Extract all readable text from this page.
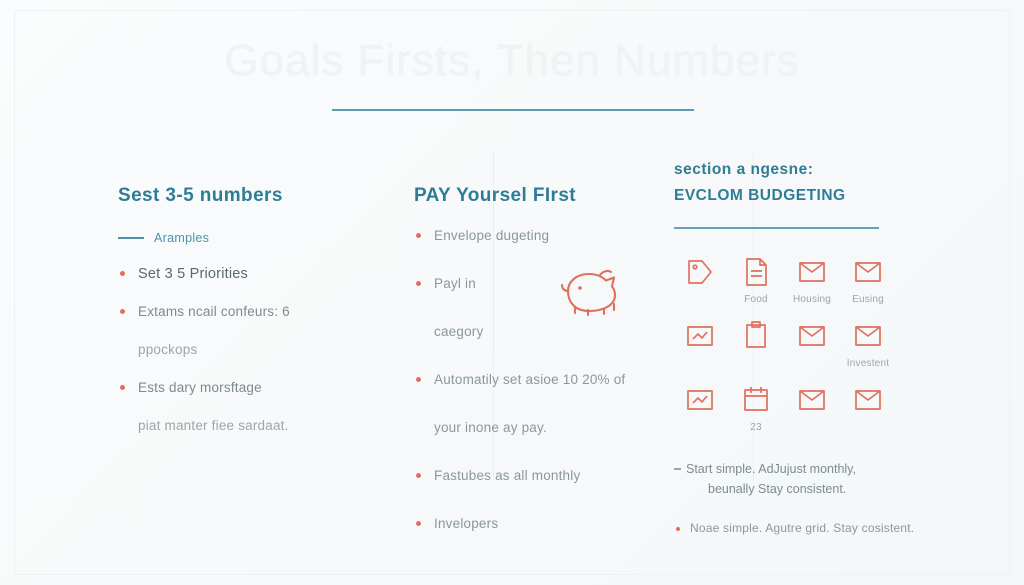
Goals Firsts, Then Numbers
Sest 3-5 numbers
Aramples
Set 3 5 Priorities
Extams ncail confeurs: 6
ppockops
Ests dary morsftage
piat manter fiee sardaat.
PAY Yoursel FIrst
Envelope dugeting
Payl in
caegory
Automatily set asioe 10 20% of
your inone ay pay.
Fastubes as all monthly
Invelopers
section a ngesne:
EVCLOM BUDGETING
Food	Housing	Eusing
Investent
23
Start simple. AdJujust monthly,
beunally Stay consistent.
Noae simple. Agutre grid. Stay cosistent.
